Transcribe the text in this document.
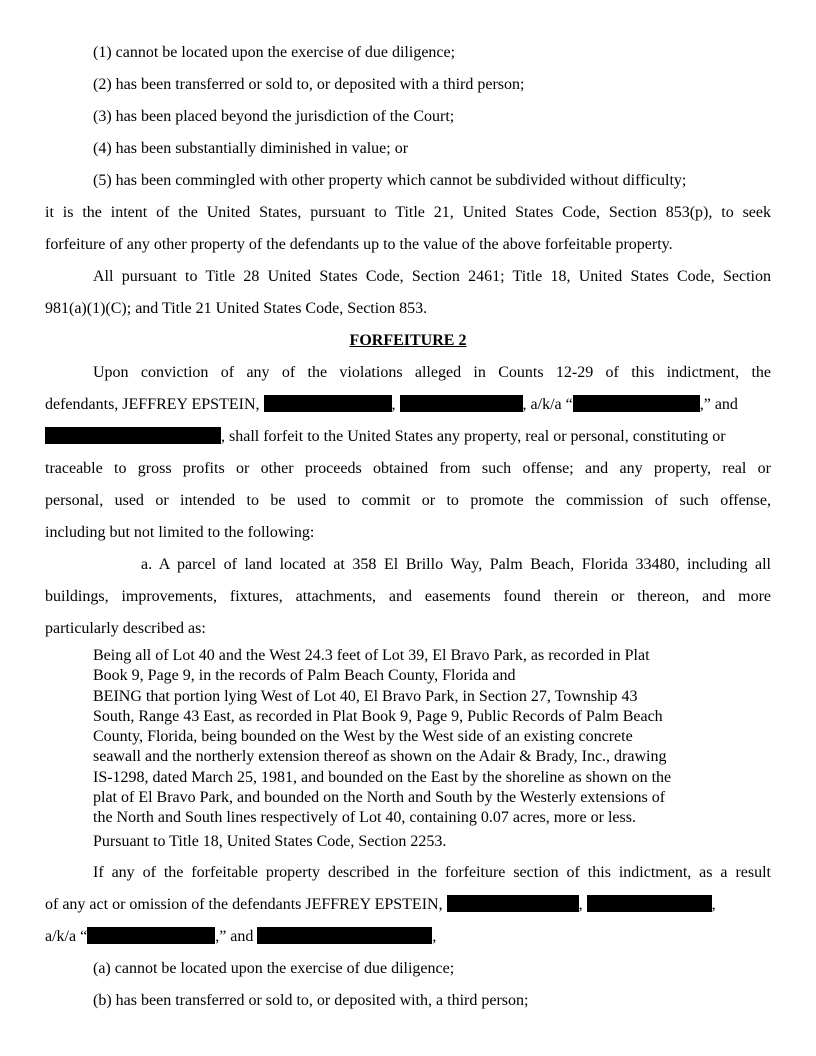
(1) cannot be located upon the exercise of due diligence;
(2) has been transferred or sold to, or deposited with a third person;
(3) has been placed beyond the jurisdiction of the Court;
(4) has been substantially diminished in value; or
(5) has been commingled with other property which cannot be subdivided without difficulty;
it is the intent of the United States, pursuant to Title 21, United States Code, Section 853(p), to seek
forfeiture of any other property of the defendants up to the value of the above forfeitable property.
All pursuant to Title 28 United States Code, Section 2461; Title 18, United States Code, Section
981(a)(1)(C); and Title 21 United States Code, Section 853.
FORFEITURE 2
Upon conviction of any of the violations alleged in Counts 12-29 of this indictment, the
defendants, JEFFREY EPSTEIN,	,	, a/k/a “	,” and
, shall forfeit to the United States any property, real or personal, constituting or
traceable to gross profits or other proceeds obtained from such offense; and any property, real or
personal, used or intended to be used to commit or to promote the commission of such offense,
including but not limited to the following:
a. A parcel of land located at 358 El Brillo Way, Palm Beach, Florida 33480, including all
buildings, improvements, fixtures, attachments, and easements found therein or thereon, and more
particularly described as:
Being all of Lot 40 and the West 24.3 feet of Lot 39, El Bravo Park, as recorded in Plat
Book 9, Page 9, in the records of Palm Beach County, Florida and
BEING that portion lying West of Lot 40, El Bravo Park, in Section 27, Township 43
South, Range 43 East, as recorded in Plat Book 9, Page 9, Public Records of Palm Beach
County, Florida, being bounded on the West by the West side of an existing concrete
seawall and the northerly extension thereof as shown on the Adair & Brady, Inc., drawing
IS-1298, dated March 25, 1981, and bounded on the East by the shoreline as shown on the
plat of El Bravo Park, and bounded on the North and South by the Westerly extensions of
the North and South lines respectively of Lot 40, containing 0.07 acres, more or less.
Pursuant to Title 18, United States Code, Section 2253.
If any of the forfeitable property described in the forfeiture section of this indictment, as a result
of any act or omission of the defendants JEFFREY EPSTEIN,	,	,
a/k/a “	,” and	,
(a) cannot be located upon the exercise of due diligence;
(b) has been transferred or sold to, or deposited with, a third person;
